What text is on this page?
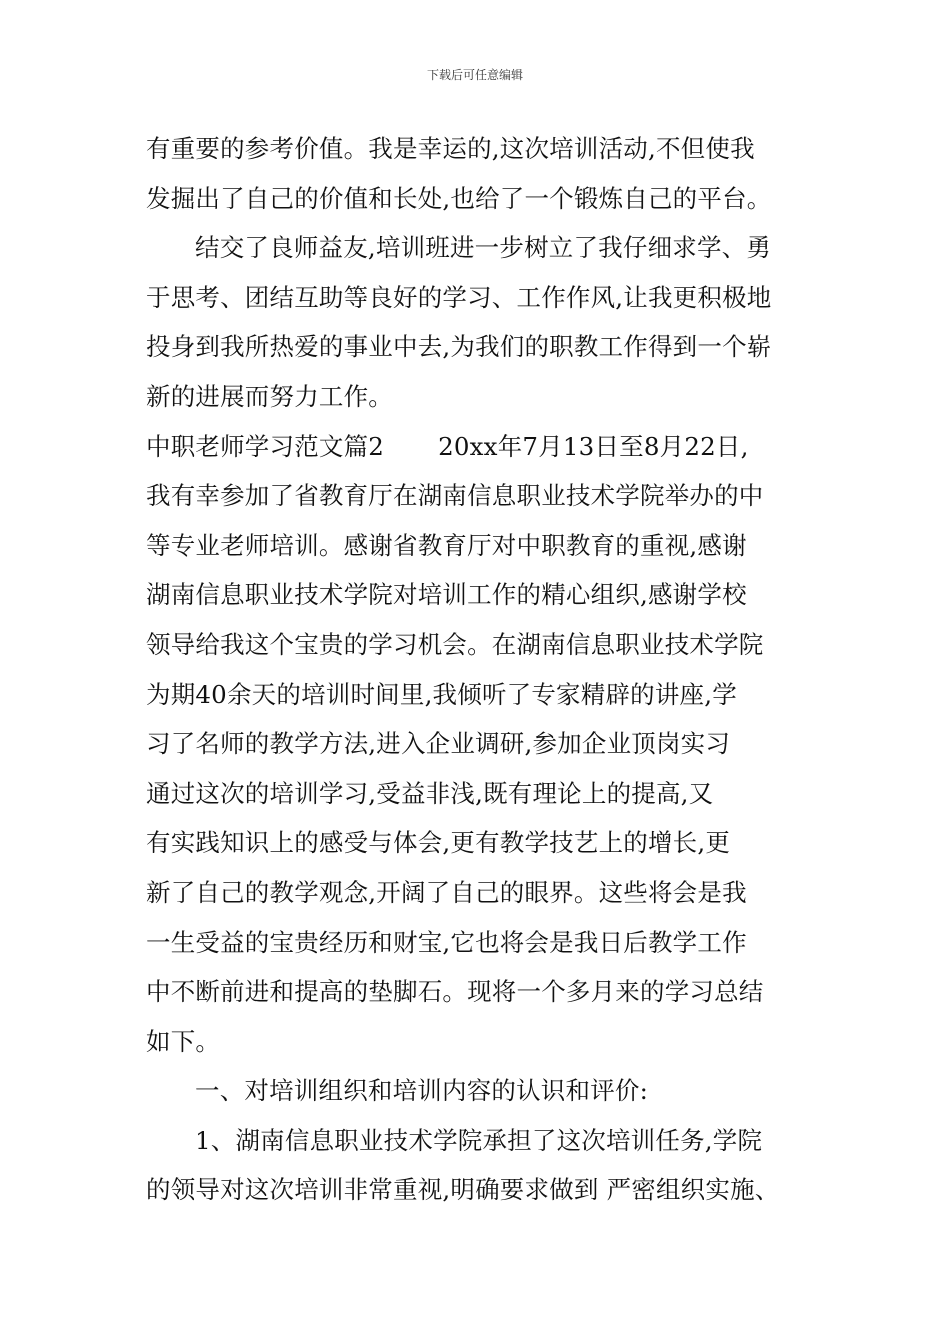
下载后可任意编辑
有重要的参考价值。我是幸运的,这次培训活动,不但使我
发掘出了自己的价值和长处,也给了一个锻炼自己的平台。
结交了良师益友,培训班进一步树立了我仔细求学、勇
于思考、团结互助等良好的学习、工作作风,让我更积极地
投身到我所热爱的事业中去,为我们的职教工作得到一个崭
新的进展而努力工作。
中职老师学习范文篇2 20xx年7月13日至8月22日,
我有幸参加了省教育厅在湖南信息职业技术学院举办的中
等专业老师培训。感谢省教育厅对中职教育的重视,感谢
湖南信息职业技术学院对培训工作的精心组织,感谢学校
领导给我这个宝贵的学习机会。在湖南信息职业技术学院
为期40余天的培训时间里,我倾听了专家精辟的讲座,学
习了名师的教学方法,进入企业调研,参加企业顶岗实习
通过这次的培训学习,受益非浅,既有理论上的提高,又
有实践知识上的感受与体会,更有教学技艺上的增长,更
新了自己的教学观念,开阔了自己的眼界。这些将会是我
一生受益的宝贵经历和财宝,它也将会是我日后教学工作
中不断前进和提高的垫脚石。现将一个多月来的学习总结
如下。
一、对培训组织和培训内容的认识和评价:
1、湖南信息职业技术学院承担了这次培训任务,学院
的领导对这次培训非常重视,明确要求做到 严密组织实施、
